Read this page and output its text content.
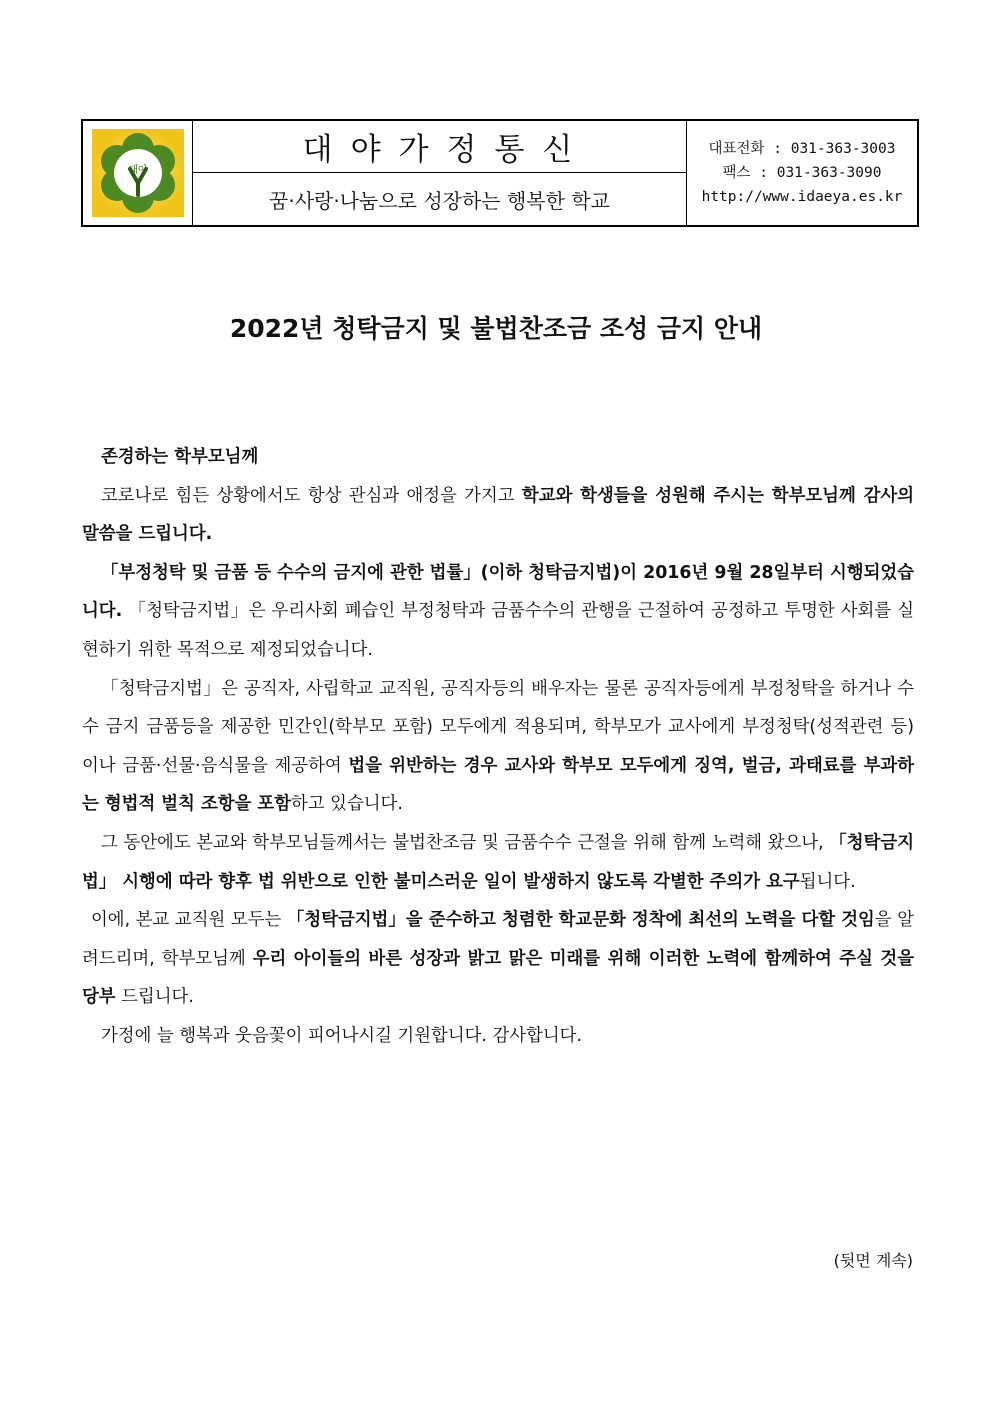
대야
대야가정통신
꿈·사랑·나눔으로 성장하는 행복한 학교
대표전화 : 031-363-3003
팩스 : 031-363-3090
http://www.idaeya.es.kr
2022년 청탁금지 및 불법찬조금 조성 금지 안내

존경하는 학부모님께

코로나로 힘든 상황에서도 항상 관심과 애정을 가지고 학교와 학생들을 성원해 주시는 학부모님께 감사의 말씀을 드립니다.

「부정청탁 및 금품 등 수수의 금지에 관한 법률」(이하 청탁금지법)이 2016년 9월 28일부터 시행되었습니다. 「청탁금지법」은 우리사회 폐습인 부정청탁과 금품수수의 관행을 근절하여 공정하고 투명한 사회를 실현하기 위한 목적으로 제정되었습니다.

「청탁금지법」은 공직자, 사립학교 교직원, 공직자등의 배우자는 물론 공직자등에게 부정청탁을 하거나 수수 금지 금품등을 제공한 민간인(학부모 포함) 모두에게 적용되며, 학부모가 교사에게 부정청탁(성적관련 등)이나 금품·선물·음식물을 제공하여 법을 위반하는 경우 교사와 학부모 모두에게 징역, 벌금, 과태료를 부과하는 형법적 벌칙 조항을 포함하고 있습니다.

그 동안에도 본교와 학부모님들께서는 불법찬조금 및 금품수수 근절을 위해 함께 노력해 왔으나, 「청탁금지법」 시행에 따라 향후 법 위반으로 인한 불미스러운 일이 발생하지 않도록 각별한 주의가 요구됩니다.

이에, 본교 교직원 모두는 「청탁금지법」을 준수하고 청렴한 학교문화 정착에 최선의 노력을 다할 것임을 알려드리며, 학부모님께 우리 아이들의 바른 성장과 밝고 맑은 미래를 위해 이러한 노력에 함께하여 주실 것을 당부 드립니다.

가정에 늘 행복과 웃음꽃이 피어나시길 기원합니다. 감사합니다.

(뒷면 계속)
